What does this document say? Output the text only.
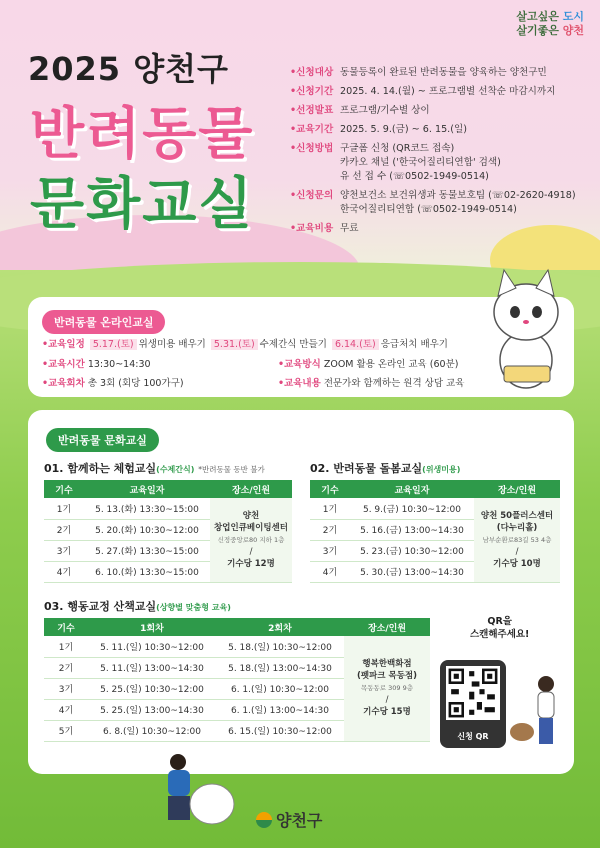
살고싶은 도시
살기좋은 양천
2025 양천구
반려동물
문화교실
• 신청대상 동물등록이 완료된 반려동물을 양육하는 양천구민
• 신청기간 2025. 4. 14.(월) ~ 프로그램별 선착순 마감시까지
• 선정발표 프로그램/기수별 상이
• 교육기간 2025. 5. 9.(금) ~ 6. 15.(일)
• 신청방법 구글폼 신청 (QR코드 접속)
카카오 채널 ('한국어질리티연합' 검색)
유 선 접 수 (☏0502-1949-0514)
• 신청문의 양천보건소 보건위생과 동물보호팀 (☏02-2620-4918)
한국어질리티연합 (☏0502-1949-0514)
• 교육비용 무료
반려동물 온라인교실
• 교육일정 5.17.(토) 위생미용 배우기 5.31.(토) 수제간식 만들기 6.14.(토) 응급처치 배우기
• 교육시간 13:30~14:30
• 교육회차 총 3회 (회당 100가구)
• 교육방식 ZOOM 활용 온라인 교육 (60분)
• 교육내용 전문가와 함께하는 원격 상담 교육
반려동물 문화교실
01. 함께하는 체험교실(수제간식) *반려동물 동반 불가
기수	교육일자	장소/인원
1기	5. 13.(화) 13:30~15:00	양천
창업인큐베이팅센터
신정중앙로80 지하 1층
/
기수당 12명
2기	5. 20.(화) 10:30~12:00	
3기	5. 27.(화) 13:30~15:00	
4기	6. 10.(화) 13:30~15:00	
02. 반려동물 돌봄교실(위생미용)
기수	교육일자	장소/인원
1기	5. 9.(금) 10:30~12:00	양천 50플러스센터
(다누리홀)
남부순환로83길 53 4층
/
기수당 10명
2기	5. 16.(금) 13:00~14:30	
3기	5. 23.(금) 10:30~12:00	
4기	5. 30.(금) 13:00~14:30	
03. 행동교정 산책교실(상향별 맞춤형 교육)
기수	1회차	2회차	장소/인원
1기	5. 11.(일) 10:30~12:00	5. 18.(일) 10:30~12:00	행복한백화점
(펫파크 목동점)
목동동로 309 9층
/
기수당 15명
2기	5. 11.(일) 13:00~14:30	5. 18.(일) 13:00~14:30	
3기	5. 25.(일) 10:30~12:00	6. 1.(일) 10:30~12:00	
4기	5. 25.(일) 13:00~14:30	6. 1.(일) 13:00~14:30	
5기	6. 8.(일) 10:30~12:00	6. 15.(일) 10:30~12:00	
QR을
스캔해주세요!
신청 QR
양천구
